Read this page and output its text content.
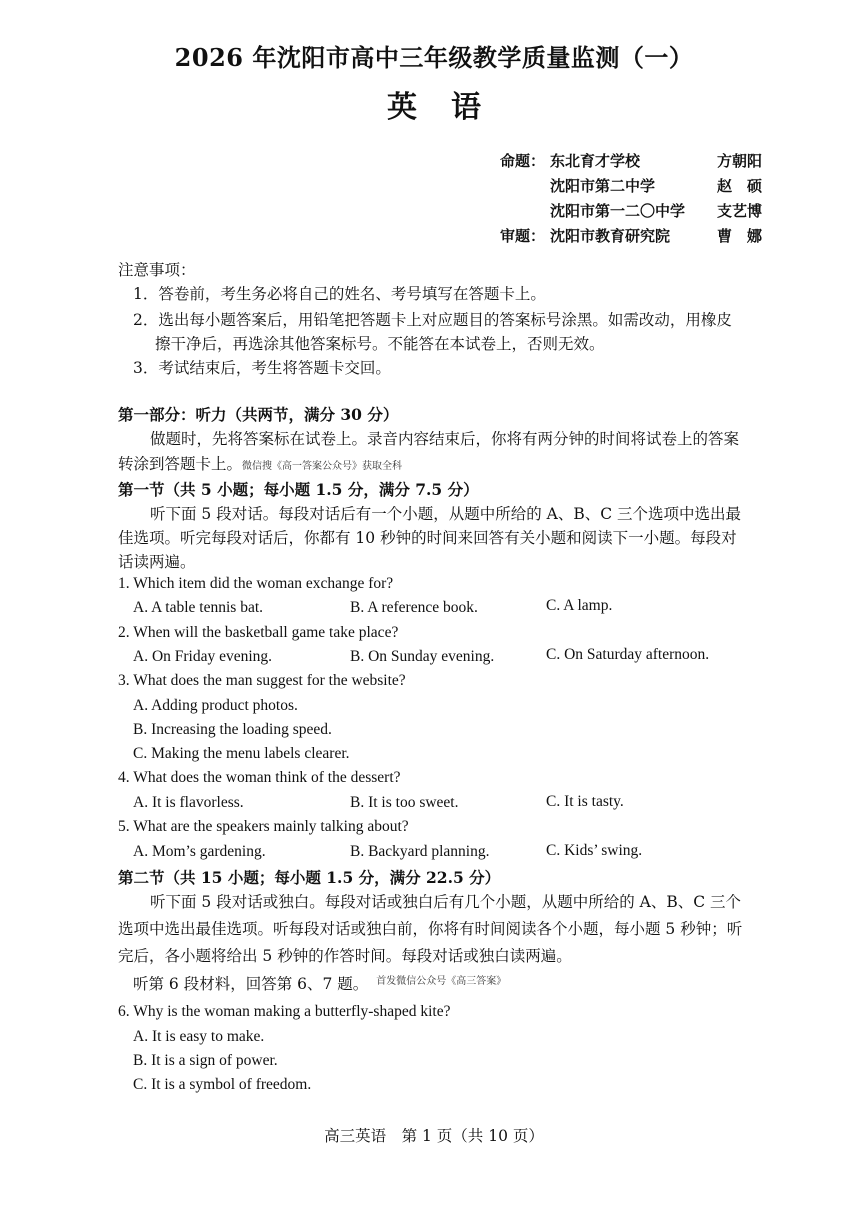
2026 年沈阳市高中三年级教学质量监测（一）
英语
命题： 东北育才学校	方朝阳
沈阳市第二中学	赵　硕
沈阳市第一二〇中学	支艺博
审题： 沈阳市教育研究院	曹　娜
注意事项：
1．答卷前，考生务必将自己的姓名、考号填写在答题卡上。
2．选出每小题答案后，用铅笔把答题卡上对应题目的答案标号涂黑。如需改动，用橡皮
擦干净后，再选涂其他答案标号。不能答在本试卷上，否则无效。
3．考试结束后，考生将答题卡交回。
第一部分：听力（共两节，满分 30 分）
做题时，先将答案标在试卷上。录音内容结束后，你将有两分钟的时间将试卷上的答案
转涂到答题卡上。微信搜《高一答案公众号》获取全科
第一节（共 5 小题；每小题 1.5 分，满分 7.5 分）
听下面 5 段对话。每段对话后有一个小题，从题中所给的 A、B、C 三个选项中选出最
佳选项。听完每段对话后，你都有 10 秒钟的时间来回答有关小题和阅读下一小题。每段对
话读两遍。
1. Which item did the woman exchange for?
A. A table tennis bat.	B. A reference book.	C. A lamp.
2. When will the basketball game take place?
A. On Friday evening.	B. On Sunday evening.	C. On Saturday afternoon.
3. What does the man suggest for the website?
A. Adding product photos.
B. Increasing the loading speed.
C. Making the menu labels clearer.
4. What does the woman think of the dessert?
A. It is flavorless.	B. It is too sweet.	C. It is tasty.
5. What are the speakers mainly talking about?
A. Mom’s gardening.	B. Backyard planning.	C. Kids’ swing.
第二节（共 15 小题；每小题 1.5 分，满分 22.5 分）
听下面 5 段对话或独白。每段对话或独白后有几个小题，从题中所给的 A、B、C 三个
选项中选出最佳选项。听每段对话或独白前，你将有时间阅读各个小题，每小题 5 秒钟；听
完后，各小题将给出 5 秒钟的作答时间。每段对话或独白读两遍。
听第 6 段材料，回答第 6、7 题。 $^{首发微信公众号《高三答案》}$
6. Why is the woman making a butterfly-shaped kite?
A. It is easy to make.
B. It is a sign of power.
C. It is a symbol of freedom.
高三英语　第 1 页（共 10 页）
